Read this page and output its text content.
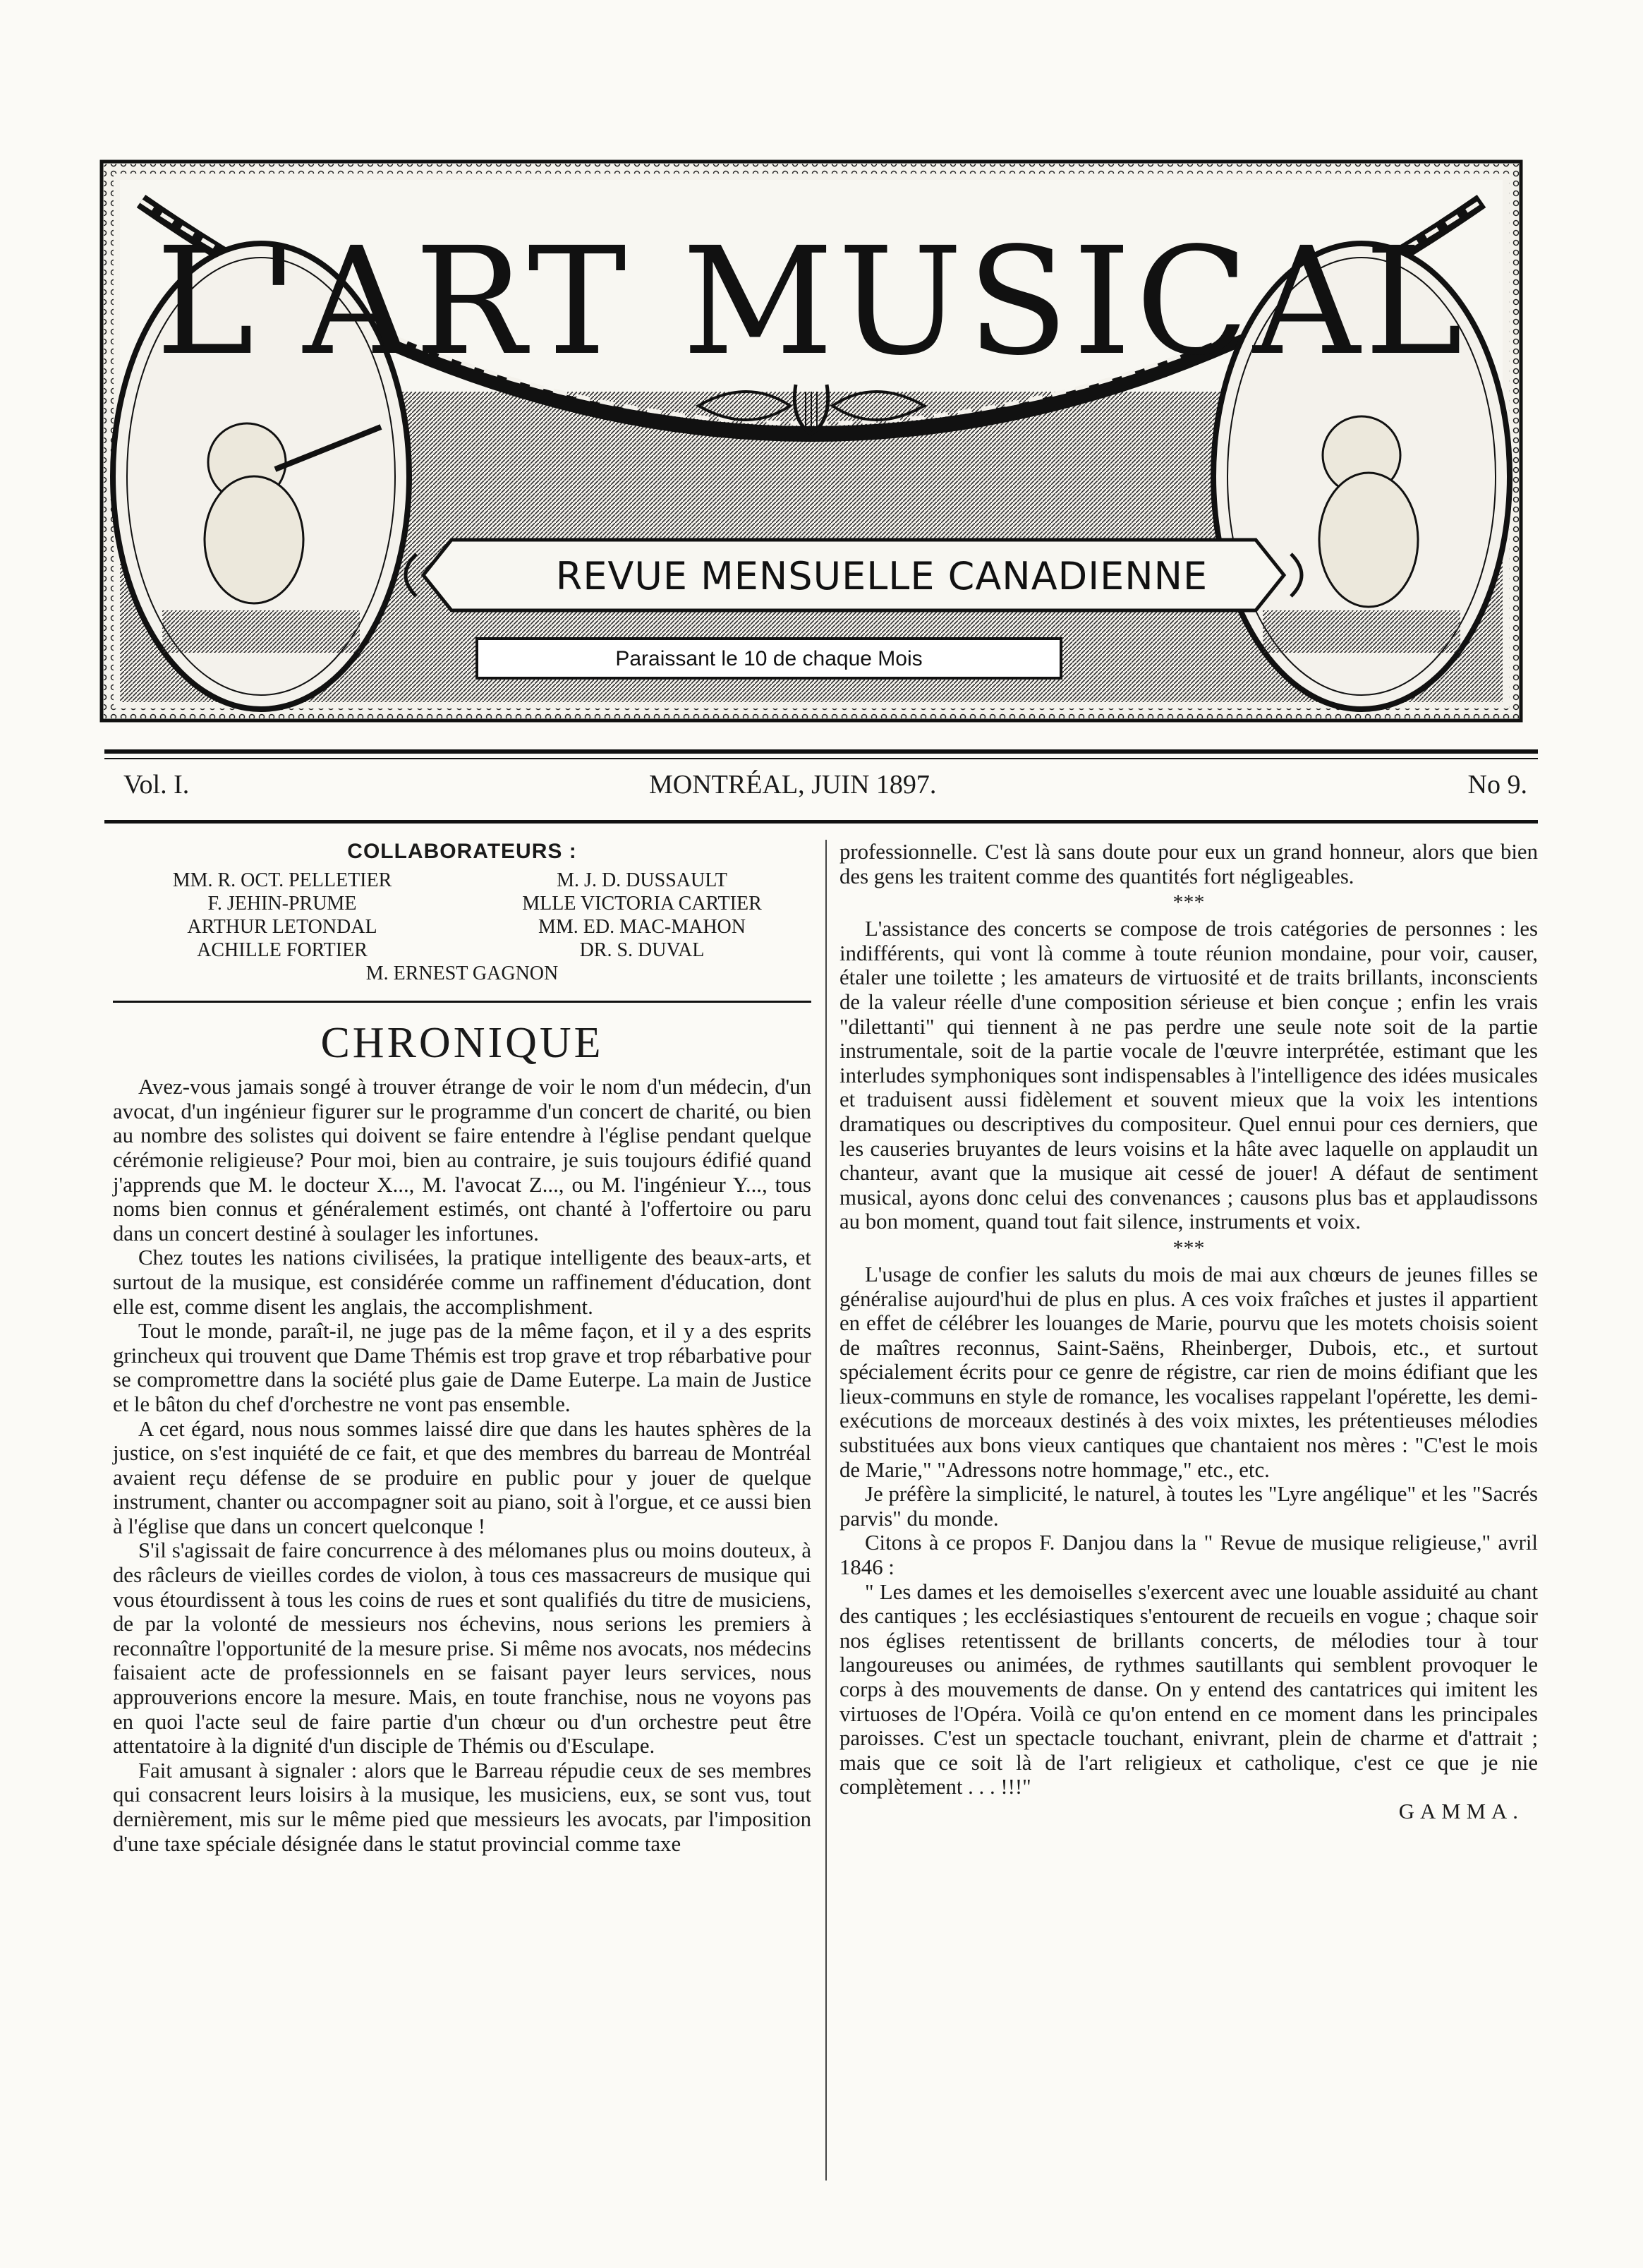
L'ART MUSICAL
REVUE MENSUELLE CANADIENNE
Paraissant le 10 de chaque Mois
Vol. I.	MONTRÉAL, JUIN 1897.	No 9.
COLLABORATEURS :
MM. R. OCT. PELLETIER	M. J. D. DUSSAULT
F. JEHIN-PRUME	MLLE VICTORIA CARTIER
ARTHUR LETONDAL	MM. ED. MAC-MAHON
ACHILLE FORTIER	DR. S. DUVAL
M. ERNEST GAGNON
CHRONIQUE

Avez-vous jamais songé à trouver étrange de voir le nom d'un médecin, d'un avocat, d'un ingénieur figurer sur le programme d'un concert de charité, ou bien au nombre des solistes qui doivent se faire entendre à l'église pendant quelque cérémonie religieuse? Pour moi, bien au contraire, je suis toujours édifié quand j'apprends que M. le docteur X..., M. l'avocat Z..., ou M. l'ingénieur Y..., tous noms bien connus et généralement estimés, ont chanté à l'offertoire ou paru dans un concert destiné à soulager les infortunes.

Chez toutes les nations civilisées, la pratique intelligente des beaux-arts, et surtout de la musique, est considérée comme un raffinement d'éducation, dont elle est, comme disent les anglais, the accomplishment.

Tout le monde, paraît-il, ne juge pas de la même façon, et il y a des esprits grincheux qui trouvent que Dame Thémis est trop grave et trop rébarbative pour se compromettre dans la société plus gaie de Dame Euterpe. La main de Justice et le bâton du chef d'orchestre ne vont pas ensemble.

A cet égard, nous nous sommes laissé dire que dans les hautes sphères de la justice, on s'est inquiété de ce fait, et que des membres du barreau de Montréal avaient reçu défense de se produire en public pour y jouer de quelque instrument, chanter ou accompagner soit au piano, soit à l'orgue, et ce aussi bien à l'église que dans un concert quelconque !

S'il s'agissait de faire concurrence à des mélomanes plus ou moins douteux, à des râcleurs de vieilles cordes de violon, à tous ces massacreurs de musique qui vous étourdissent à tous les coins de rues et sont qualifiés du titre de musiciens, de par la volonté de messieurs nos échevins, nous serions les premiers à reconnaître l'opportunité de la mesure prise. Si même nos avocats, nos médecins faisaient acte de professionnels en se faisant payer leurs services, nous approuverions encore la mesure. Mais, en toute franchise, nous ne voyons pas en quoi l'acte seul de faire partie d'un chœur ou d'un orchestre peut être attentatoire à la dignité d'un disciple de Thémis ou d'Esculape.

Fait amusant à signaler : alors que le Barreau répudie ceux de ses membres qui consacrent leurs loisirs à la musique, les musiciens, eux, se sont vus, tout dernièrement, mis sur le même pied que messieurs les avocats, par l'imposition d'une taxe spéciale désignée dans le statut provincial comme taxe

professionnelle. C'est là sans doute pour eux un grand honneur, alors que bien des gens les traitent comme des quantités fort négligeables.

***

L'assistance des concerts se compose de trois catégories de personnes : les indifférents, qui vont là comme à toute réunion mondaine, pour voir, causer, étaler une toilette ; les amateurs de virtuosité et de traits brillants, inconscients de la valeur réelle d'une composition sérieuse et bien conçue ; enfin les vrais "dilettanti" qui tiennent à ne pas perdre une seule note soit de la partie instrumentale, soit de la partie vocale de l'œuvre interprétée, estimant que les interludes symphoniques sont indispensables à l'intelligence des idées musicales et traduisent aussi fidèlement et souvent mieux que la voix les intentions dramatiques ou descriptives du compositeur. Quel ennui pour ces derniers, que les causeries bruyantes de leurs voisins et la hâte avec laquelle on applaudit un chanteur, avant que la musique ait cessé de jouer! A défaut de sentiment musical, ayons donc celui des convenances ; causons plus bas et applaudissons au bon moment, quand tout fait silence, instruments et voix.

***

L'usage de confier les saluts du mois de mai aux chœurs de jeunes filles se généralise aujourd'hui de plus en plus. A ces voix fraîches et justes il appartient en effet de célébrer les louanges de Marie, pourvu que les motets choisis soient de maîtres reconnus, Saint-Saëns, Rheinberger, Dubois, etc., et surtout spécialement écrits pour ce genre de régistre, car rien de moins édifiant que les lieux-communs en style de romance, les vocalises rappelant l'opérette, les demi-exécutions de morceaux destinés à des voix mixtes, les prétentieuses mélodies substituées aux bons vieux cantiques que chantaient nos mères : "C'est le mois de Marie," "Adressons notre hommage," etc., etc.

Je préfère la simplicité, le naturel, à toutes les "Lyre angélique" et les "Sacrés parvis" du monde.

Citons à ce propos F. Danjou dans la " Revue de musique religieuse," avril 1846 :

" Les dames et les demoiselles s'exercent avec une louable assiduité au chant des cantiques ; les ecclésiastiques s'entourent de recueils en vogue ; chaque soir nos églises retentissent de brillants concerts, de mélodies tour à tour langoureuses ou animées, de rythmes sautillants qui semblent provoquer le corps à des mouvements de danse. On y entend des cantatrices qui imitent les virtuoses de l'Opéra. Voilà ce qu'on entend en ce moment dans les principales paroisses. C'est un spectacle touchant, enivrant, plein de charme et d'attrait ; mais que ce soit là de l'art religieux et catholique, c'est ce que je nie complètement . . . !!!"

GAMMA.
